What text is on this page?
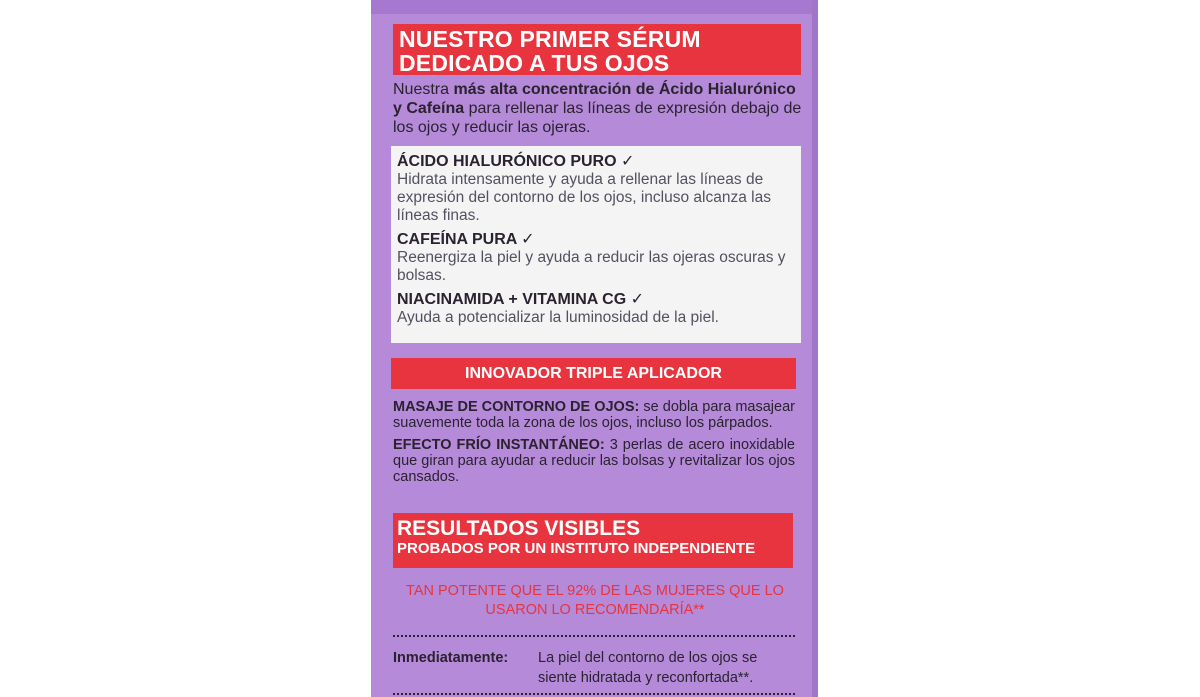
NUESTRO PRIMER SÉRUM
DEDICADO A TUS OJOS
Nuestra más alta concentración de Ácido Hialurónico y Cafeína para rellenar las líneas de expresión debajo de los ojos y reducir las ojeras.
ÁCIDO HIALURÓNICO PURO ✓
Hidrata intensamente y ayuda a rellenar las líneas de expresión del contorno de los ojos, incluso alcanza las líneas finas.
CAFEÍNA PURA ✓
Reenergiza la piel y ayuda a reducir las ojeras oscuras y bolsas.
NIACINAMIDA + VITAMINA CG ✓
Ayuda a potencializar la luminosidad de la piel.
INNOVADOR TRIPLE APLICADOR

MASAJE DE CONTORNO DE OJOS: se dobla para masajear suavemente toda la zona de los ojos, incluso los párpados.

EFECTO FRÍO INSTANTÁNEO: 3 perlas de acero inoxidable que giran para ayudar a reducir las bolsas y revitalizar los ojos cansados.

RESULTADOS VISIBLES
PROBADOS POR UN INSTITUTO INDEPENDIENTE
TAN POTENTE QUE EL 92% DE LAS MUJERES QUE LO USARON LO RECOMENDARÍA**
Inmediatamente:	La piel del contorno de los ojos se
siente hidratada y reconfortada**.
